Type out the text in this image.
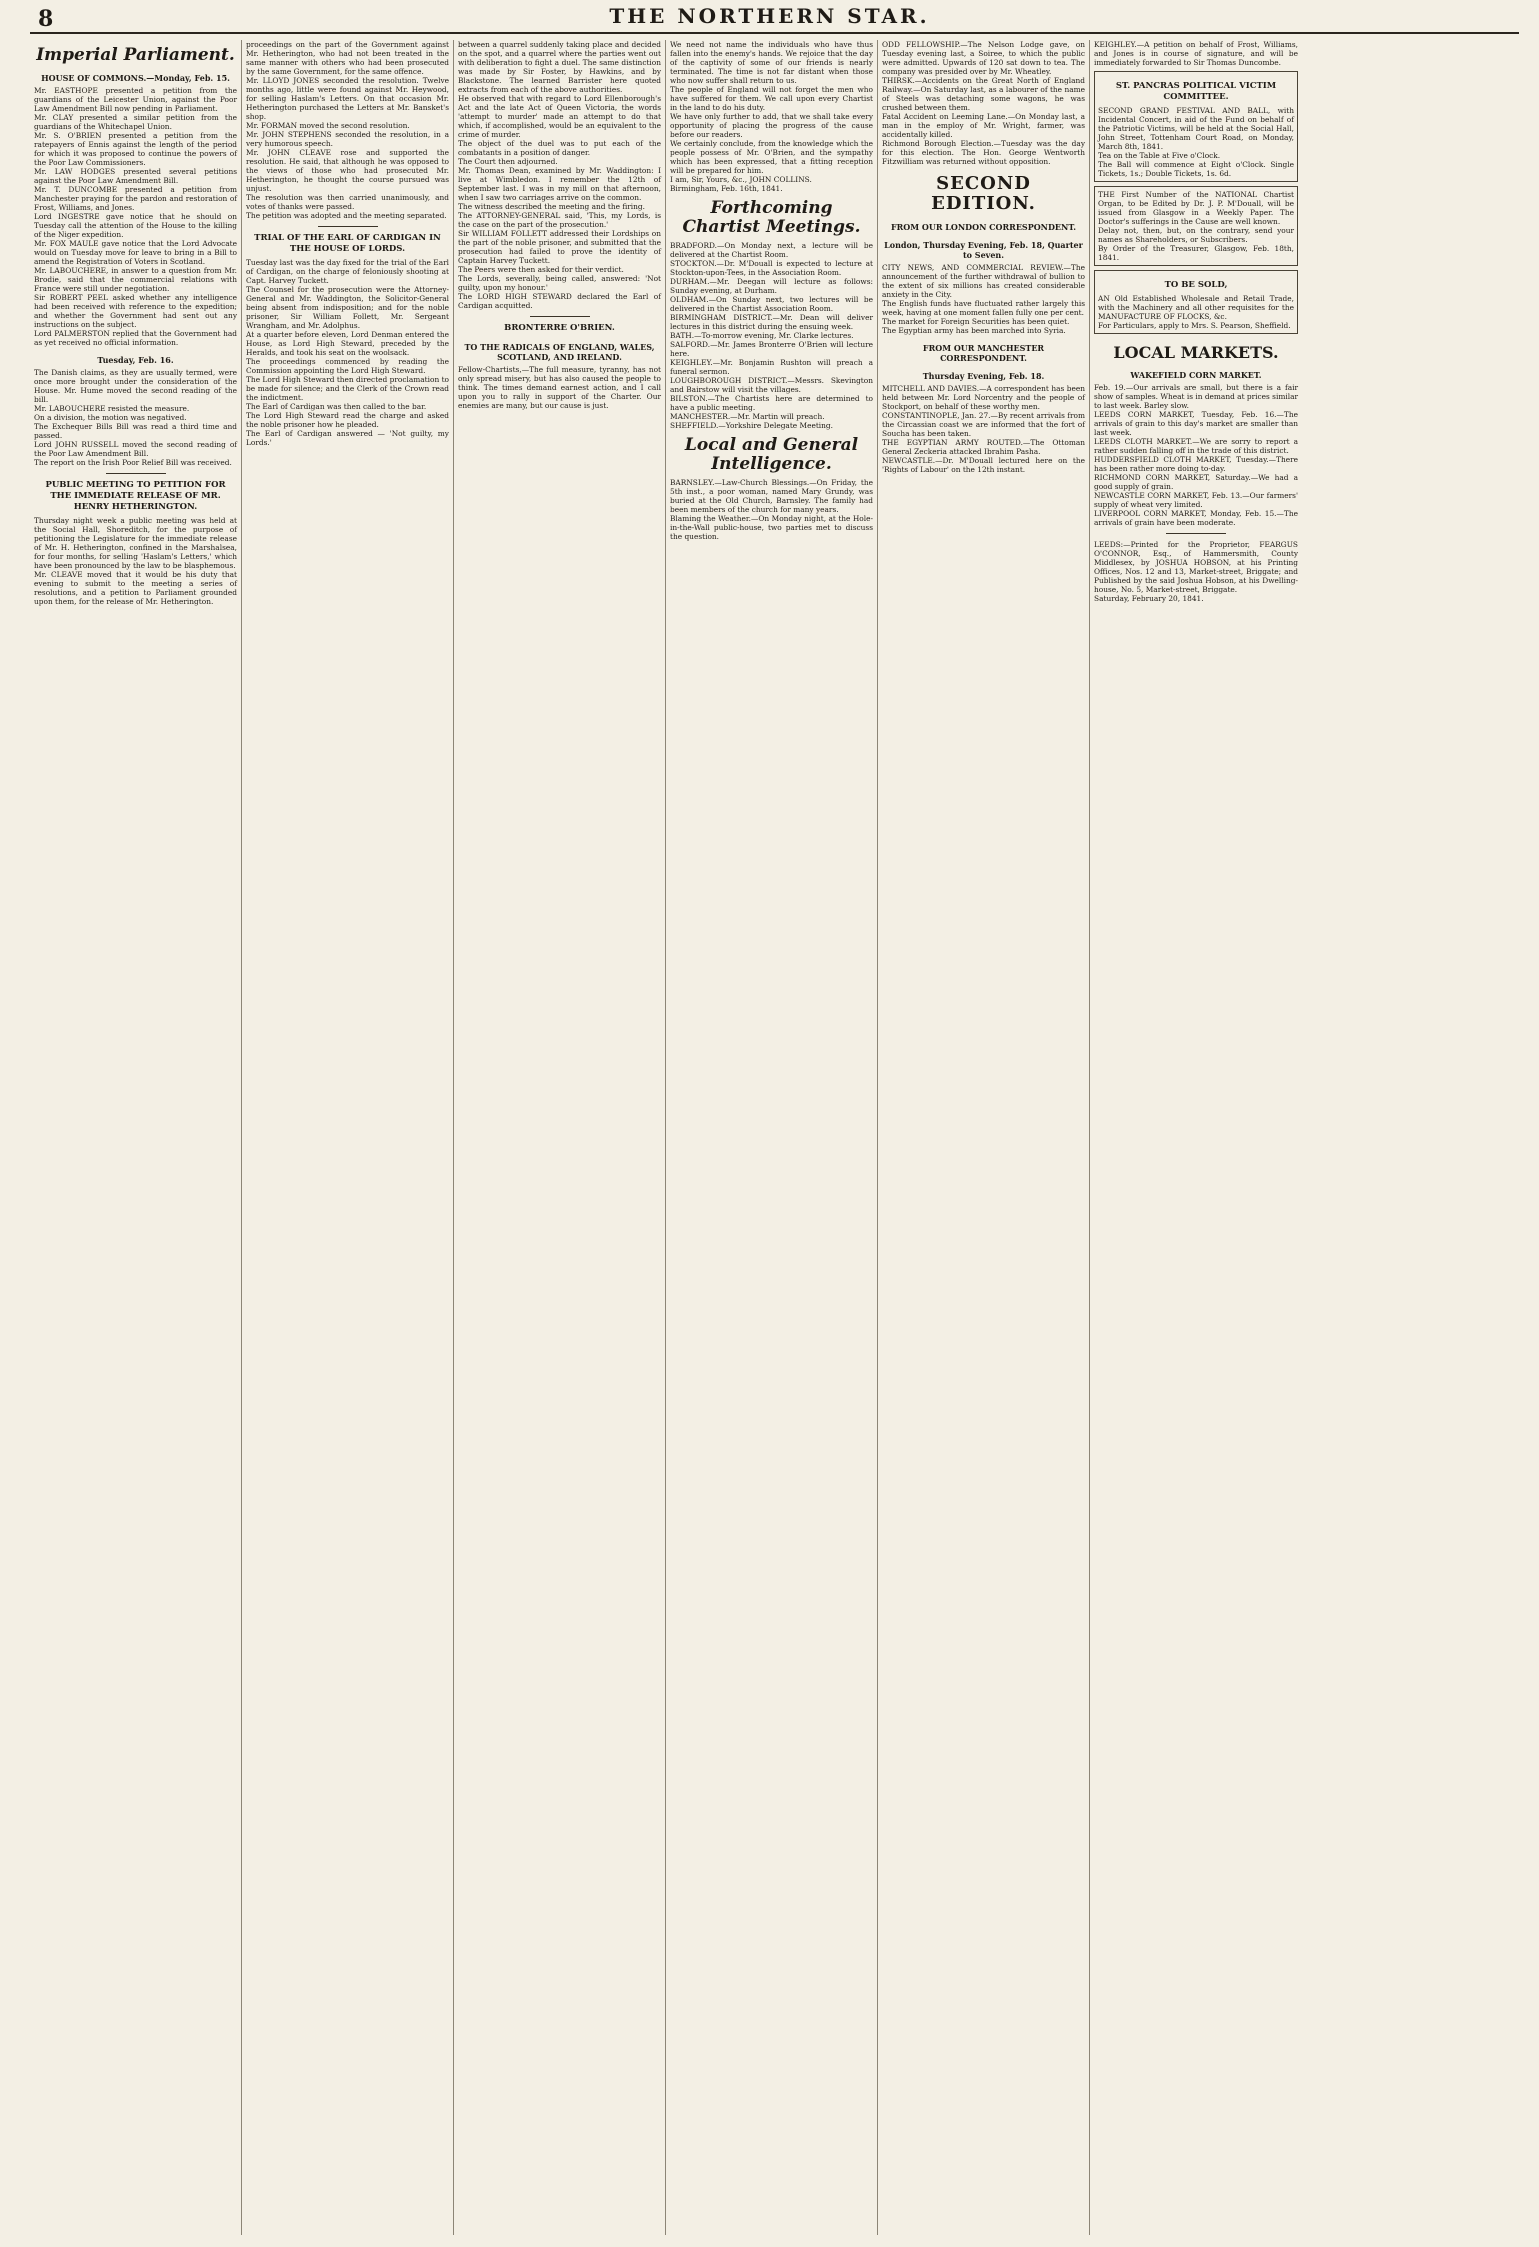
8	THE NORTHERN STAR.
Imperial Parliament.
HOUSE OF COMMONS.—Monday, Feb. 15.

Mr. EASTHOPE presented a petition from the guardians of the Leicester Union, against the Poor Law Amendment Bill now pending in Parliament.
Mr. CLAY presented a similar petition from the guardians of the Whitechapel Union.
Mr. S. O'BRIEN presented a petition from the ratepayers of Ennis against the length of the period for which it was proposed to continue the powers of the Poor Law Commissioners.
Mr. LAW HODGES presented several petitions against the Poor Law Amendment Bill.
Mr. T. DUNCOMBE presented a petition from Manchester praying for the pardon and restoration of Frost, Williams, and Jones.
Lord INGESTRE gave notice that he should on Tuesday call the attention of the House to the killing of the Niger expedition.
Mr. FOX MAULE gave notice that the Lord Advocate would on Tuesday move for leave to bring in a Bill to amend the Registration of Voters in Scotland.
Mr. LABOUCHERE, in answer to a question from Mr. Brodie, said that the commercial relations with France were still under negotiation.
Sir ROBERT PEEL asked whether any intelligence had been received with reference to the expedition; and whether the Government had sent out any instructions on the subject.
Lord PALMERSTON replied that the Government had as yet received no official information.

Tuesday, Feb. 16.

The Danish claims, as they are usually termed, were once more brought under the consideration of the House. Mr. Hume moved the second reading of the bill.
Mr. LABOUCHERE resisted the measure.
On a division, the motion was negatived.
The Exchequer Bills Bill was read a third time and passed.
Lord JOHN RUSSELL moved the second reading of the Poor Law Amendment Bill.
The report on the Irish Poor Relief Bill was received.

PUBLIC MEETING TO PETITION FOR THE IMMEDIATE RELEASE OF MR. HENRY HETHERINGTON.

Thursday night week a public meeting was held at the Social Hall, Shoreditch, for the purpose of petitioning the Legislature for the immediate release of Mr. H. Hetherington, confined in the Marshalsea, for four months, for selling 'Haslam's Letters,' which have been pronounced by the law to be blasphemous.
Mr. CLEAVE moved that it would be his duty that evening to submit to the meeting a series of resolutions, and a petition to Parliament grounded upon them, for the release of Mr. Hetherington.

proceedings on the part of the Government against Mr. Hetherington, who had not been treated in the same manner with others who had been prosecuted by the same Government, for the same offence.
Mr. LLOYD JONES seconded the resolution. Twelve months ago, little were found against Mr. Heywood, for selling Haslam's Letters. On that occasion Mr. Hetherington purchased the Letters at Mr. Bansket's shop.
Mr. FORMAN moved the second resolution.
Mr. JOHN STEPHENS seconded the resolution, in a very humorous speech.
Mr. JOHN CLEAVE rose and supported the resolution. He said, that although he was opposed to the views of those who had prosecuted Mr. Hetherington, he thought the course pursued was unjust.
The resolution was then carried unanimously, and votes of thanks were passed.
The petition was adopted and the meeting separated.

TRIAL OF THE EARL OF CARDIGAN IN THE HOUSE OF LORDS.

Tuesday last was the day fixed for the trial of the Earl of Cardigan, on the charge of feloniously shooting at Capt. Harvey Tuckett.
The Counsel for the prosecution were the Attorney-General and Mr. Waddington, the Solicitor-General being absent from indisposition; and for the noble prisoner, Sir William Follett, Mr. Sergeant Wrangham, and Mr. Adolphus.
At a quarter before eleven, Lord Denman entered the House, as Lord High Steward, preceded by the Heralds, and took his seat on the woolsack.
The proceedings commenced by reading the Commission appointing the Lord High Steward.
The Lord High Steward then directed proclamation to be made for silence; and the Clerk of the Crown read the indictment.
The Earl of Cardigan was then called to the bar.
The Lord High Steward read the charge and asked the noble prisoner how he pleaded.
The Earl of Cardigan answered — 'Not guilty, my Lords.'

between a quarrel suddenly taking place and decided on the spot, and a quarrel where the parties went out with deliberation to fight a duel. The same distinction was made by Sir Foster, by Hawkins, and by Blackstone. The learned Barrister here quoted extracts from each of the above authorities.
He observed that with regard to Lord Ellenborough's Act and the late Act of Queen Victoria, the words 'attempt to murder' made an attempt to do that which, if accomplished, would be an equivalent to the crime of murder.
The object of the duel was to put each of the combatants in a position of danger.
The Court then adjourned.

Mr. Thomas Dean, examined by Mr. Waddington: I live at Wimbledon. I remember the 12th of September last. I was in my mill on that afternoon, when I saw two carriages arrive on the common.
The witness described the meeting and the firing.
The ATTORNEY-GENERAL said, 'This, my Lords, is the case on the part of the prosecution.'
Sir WILLIAM FOLLETT addressed their Lordships on the part of the noble prisoner, and submitted that the prosecution had failed to prove the identity of Captain Harvey Tuckett.
The Peers were then asked for their verdict.
The Lords, severally, being called, answered: 'Not guilty, upon my honour.'
The LORD HIGH STEWARD declared the Earl of Cardigan acquitted.

BRONTERRE O'BRIEN.
TO THE RADICALS OF ENGLAND, WALES, SCOTLAND, AND IRELAND.

Fellow-Chartists,—The full measure, tyranny, has not only spread misery, but has also caused the people to think. The times demand earnest action, and I call upon you to rally in support of the Charter. Our enemies are many, but our cause is just.

We need not name the individuals who have thus fallen into the enemy's hands. We rejoice that the day of the captivity of some of our friends is nearly terminated. The time is not far distant when those who now suffer shall return to us.
The people of England will not forget the men who have suffered for them. We call upon every Chartist in the land to do his duty.
We have only further to add, that we shall take every opportunity of placing the progress of the cause before our readers.
We certainly conclude, from the knowledge which the people possess of Mr. O'Brien, and the sympathy which has been expressed, that a fitting reception will be prepared for him.

I am, Sir, Yours, &c., JOHN COLLINS.

Birmingham, Feb. 16th, 1841.

Forthcoming Chartist Meetings.

BRADFORD.—On Monday next, a lecture will be delivered at the Chartist Room.
STOCKTON.—Dr. M'Douall is expected to lecture at Stockton-upon-Tees, in the Association Room.
DURHAM.—Mr. Deegan will lecture as follows: Sunday evening, at Durham.
OLDHAM.—On Sunday next, two lectures will be delivered in the Chartist Association Room.
BIRMINGHAM DISTRICT.—Mr. Dean will deliver lectures in this district during the ensuing week.
BATH.—To-morrow evening, Mr. Clarke lectures.
SALFORD.—Mr. James Bronterre O'Brien will lecture here.
KEIGHLEY.—Mr. Bonjamin Rushton will preach a funeral sermon.
LOUGHBOROUGH DISTRICT.—Messrs. Skevington and Bairstow will visit the villages.
BILSTON.—The Chartists here are determined to have a public meeting.
MANCHESTER.—Mr. Martin will preach.
SHEFFIELD.—Yorkshire Delegate Meeting.

Local and General Intelligence.

BARNSLEY.—Law-Church Blessings.—On Friday, the 5th inst., a poor woman, named Mary Grundy, was buried at the Old Church, Barnsley. The family had been members of the church for many years.
Blaming the Weather.—On Monday night, at the Hole-in-the-Wall public-house, two parties met to discuss the question.

ODD FELLOWSHIP.—The Nelson Lodge gave, on Tuesday evening last, a Soiree, to which the public were admitted. Upwards of 120 sat down to tea. The company was presided over by Mr. Wheatley.
THIRSK.—Accidents on the Great North of England Railway.—On Saturday last, as a labourer of the name of Steels was detaching some wagons, he was crushed between them.
Fatal Accident on Leeming Lane.—On Monday last, a man in the employ of Mr. Wright, farmer, was accidentally killed.
Richmond Borough Election.—Tuesday was the day for this election. The Hon. George Wentworth Fitzwilliam was returned without opposition.

SECOND EDITION.
FROM OUR LONDON CORRESPONDENT.
London, Thursday Evening, Feb. 18, Quarter to Seven.

CITY NEWS, AND COMMERCIAL REVIEW.—The announcement of the further withdrawal of bullion to the extent of six millions has created considerable anxiety in the City.
The English funds have fluctuated rather largely this week, having at one moment fallen fully one per cent.
The market for Foreign Securities has been quiet.
The Egyptian army has been marched into Syria.

FROM OUR MANCHESTER CORRESPONDENT.
Thursday Evening, Feb. 18.

MITCHELL AND DAVIES.—A correspondent has been held between Mr. Lord Norcentry and the people of Stockport, on behalf of these worthy men.
CONSTANTINOPLE, Jan. 27.—By recent arrivals from the Circassian coast we are informed that the fort of Soucha has been taken.
THE EGYPTIAN ARMY ROUTED.—The Ottoman General Zeckeria attacked Ibrahim Pasha.
NEWCASTLE.—Dr. M'Douall lectured here on the 'Rights of Labour' on the 12th instant.

KEIGHLEY.—A petition on behalf of Frost, Williams, and Jones is in course of signature, and will be immediately forwarded to Sir Thomas Duncombe.

ST. PANCRAS POLITICAL VICTIM COMMITTEE.

SECOND GRAND FESTIVAL AND BALL, with Incidental Concert, in aid of the Fund on behalf of the Patriotic Victims, will be held at the Social Hall, John Street, Tottenham Court Road, on Monday, March 8th, 1841.
Tea on the Table at Five o'Clock.
The Ball will commence at Eight o'Clock. Single Tickets, 1s.; Double Tickets, 1s. 6d.

THE First Number of the NATIONAL Chartist Organ, to be Edited by Dr. J. P. M'Douall, will be issued from Glasgow in a Weekly Paper. The Doctor's sufferings in the Cause are well known.
Delay not, then, but, on the contrary, send your names as Shareholders, or Subscribers.
By Order of the Treasurer, Glasgow, Feb. 18th, 1841.

TO BE SOLD,

AN Old Established Wholesale and Retail Trade, with the Machinery and all other requisites for the MANUFACTURE OF FLOCKS, &c.
For Particulars, apply to Mrs. S. Pearson, Sheffield.

LOCAL MARKETS.
WAKEFIELD CORN MARKET.

Feb. 19.—Our arrivals are small, but there is a fair show of samples. Wheat is in demand at prices similar to last week. Barley slow.
LEEDS CORN MARKET, Tuesday, Feb. 16.—The arrivals of grain to this day's market are smaller than last week.
LEEDS CLOTH MARKET.—We are sorry to report a rather sudden falling off in the trade of this district.
HUDDERSFIELD CLOTH MARKET, Tuesday.—There has been rather more doing to-day.
RICHMOND CORN MARKET, Saturday.—We had a good supply of grain.
NEWCASTLE CORN MARKET, Feb. 13.—Our farmers' supply of wheat very limited.
LIVERPOOL CORN MARKET, Monday, Feb. 15.—The arrivals of grain have been moderate.

LEEDS:—Printed for the Proprietor, FEARGUS O'CONNOR, Esq., of Hammersmith, County Middlesex, by JOSHUA HOBSON, at his Printing Offices, Nos. 12 and 13, Market-street, Briggate; and Published by the said Joshua Hobson, at his Dwelling-house, No. 5, Market-street, Briggate.
Saturday, February 20, 1841.
